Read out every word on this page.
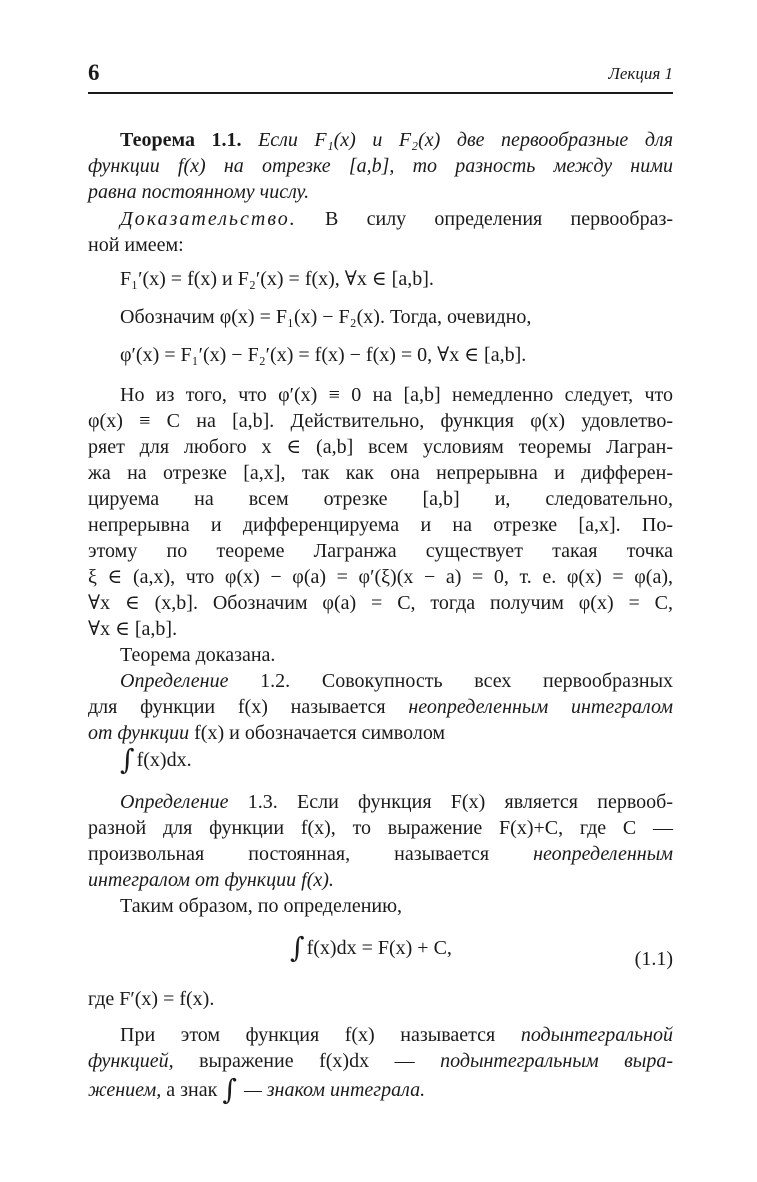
6	Лекция 1
Теорема 1.1. Если F₁(x) и F₂(x) две первообразные для
функции f(x) на отрезке [a,b], то разность между ними
равна постоянному числу.
Доказательство. В силу определения первообраз-
ной имеем:
F₁′(x) = f(x) и F₂′(x) = f(x), ∀x ∈ [a,b].
Обозначим φ(x) = F₁(x) − F₂(x). Тогда, очевидно,
φ′(x) = F₁′(x) − F₂′(x) = f(x) − f(x) = 0, ∀x ∈ [a,b].
Но из того, что φ′(x) ≡ 0 на [a,b] немедленно следует, что
φ(x) ≡ C на [a,b]. Действительно, функция φ(x) удовлетво-
ряет для любого x ∈ (a,b] всем условиям теоремы Лагран-
жа на отрезке [a,x], так как она непрерывна и дифферен-
цируема на всем отрезке [a,b] и, следовательно,
непрерывна и дифференцируема и на отрезке [a,x]. По-
этому по теореме Лагранжа существует такая точка
ξ ∈ (a,x), что φ(x) − φ(a) = φ′(ξ)(x − a) = 0, т. е. φ(x) = φ(a),
∀x ∈ (x,b]. Обозначим φ(a) = C, тогда получим φ(x) = C,
∀x ∈ [a,b].
Теорема доказана.
Определение 1.2. Совокупность всех первообразных
для функции f(x) называется неопределенным интегралом
от функции f(x) и обозначается символом
∫ f(x)dx.
Определение 1.3. Если функция F(x) является первооб-
разной для функции f(x), то выражение F(x)+C, где C —
произвольная постоянная, называется неопределенным
интегралом от функции f(x).
Таким образом, по определению,
∫ f(x)dx = F(x) + C,	(1.1)
где F′(x) = f(x).
При этом функция f(x) называется подынтегральной
функцией, выражение f(x)dx — подынтегральным выра-
жением, а знак ∫ — знаком интеграла.
